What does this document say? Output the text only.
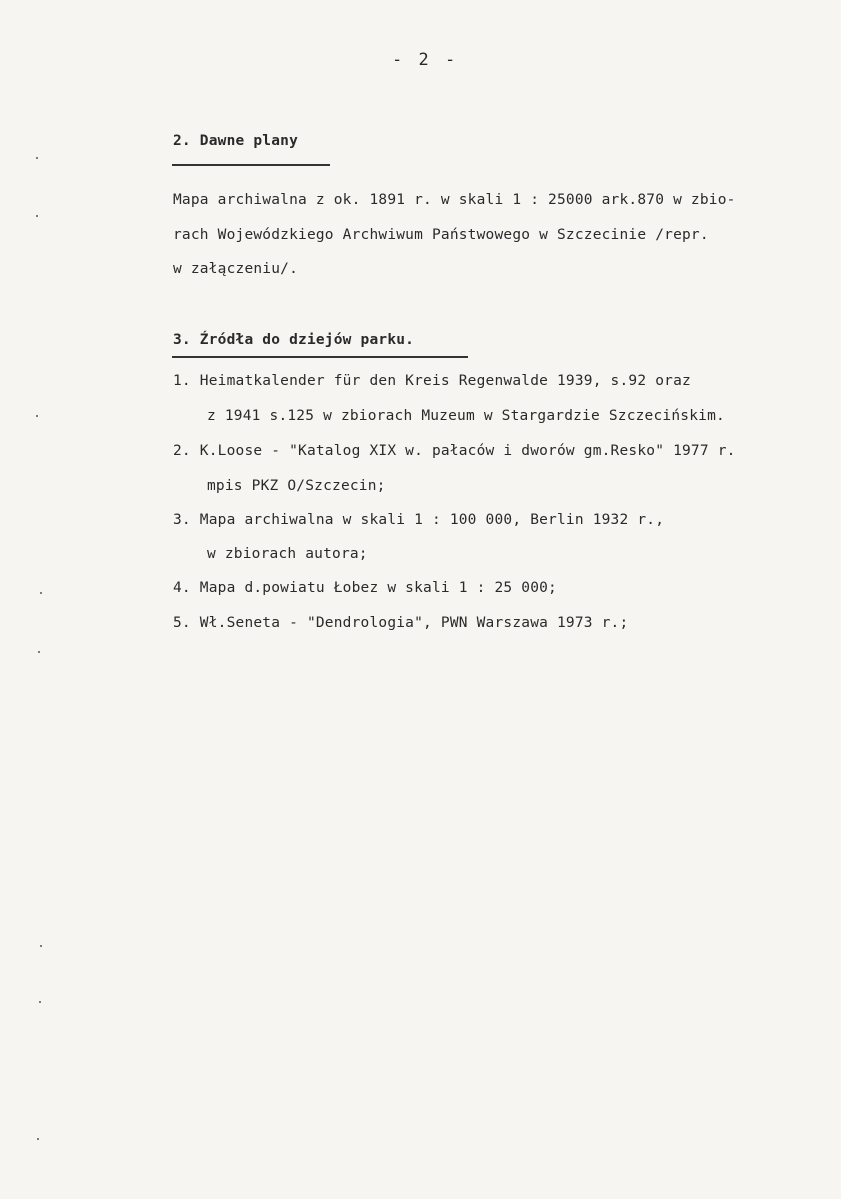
- 2 -
2. Dawne plany
Mapa archiwalna z ok. 1891 r. w skali 1 : 25000 ark.870 w zbio-
rach Wojewódzkiego Archwiwum Państwowego w Szczecinie /repr.
w załączeniu/.
3. Źródła do dziejów parku.
1. Heimatkalender für den Kreis Regenwalde 1939, s.92 oraz
z 1941 s.125 w zbiorach Muzeum w Stargardzie Szczecińskim.
2. K.Loose - "Katalog XIX w. pałaców i dworów gm.Resko" 1977 r.
mpis PKZ O/Szczecin;
3. Mapa archiwalna w skali 1 : 100 000, Berlin 1932 r.,
w zbiorach autora;
4. Mapa d.powiatu Łobez w skali 1 : 25 000;
5. Wł.Seneta - "Dendrologia", PWN Warszawa 1973 r.;
